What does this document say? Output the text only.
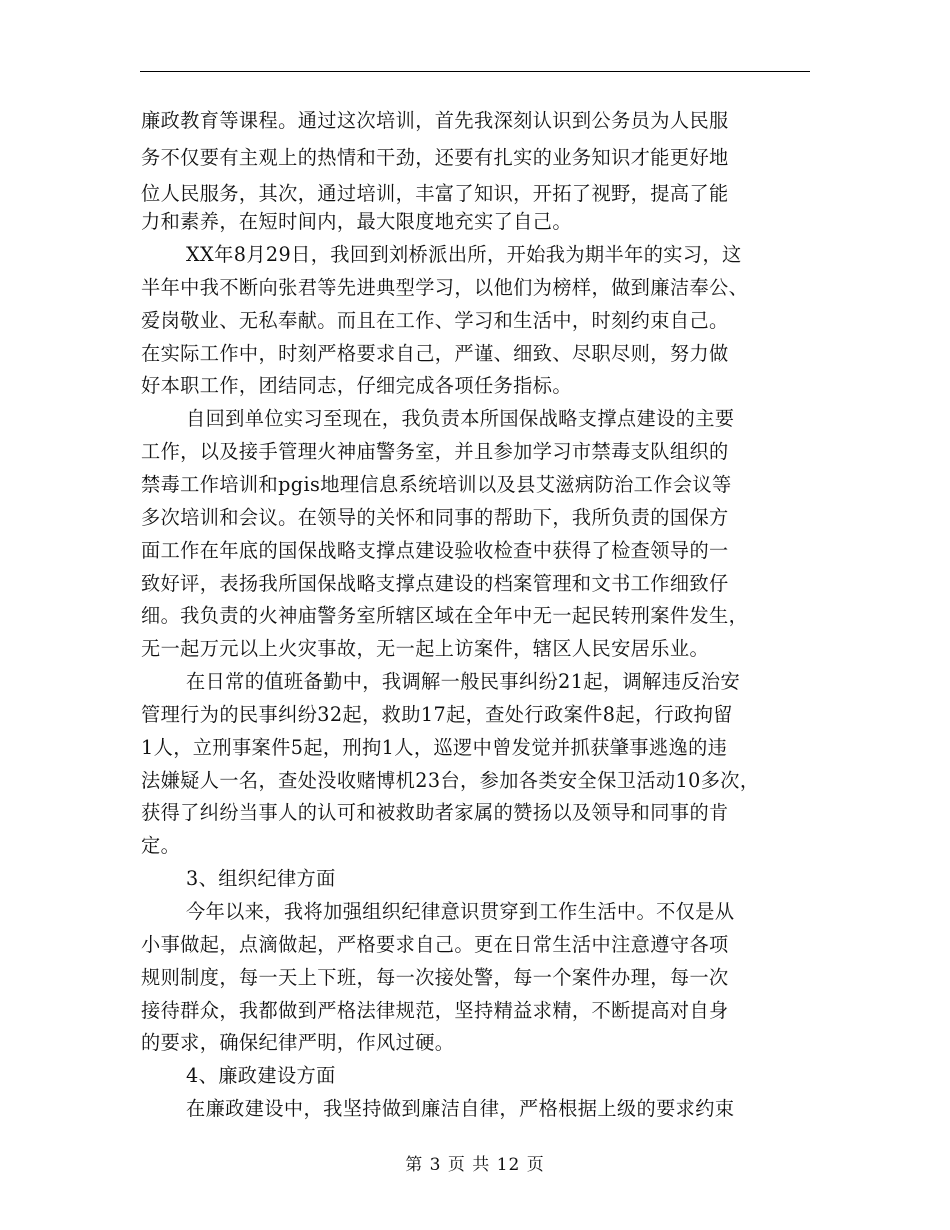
廉政教育等课程。通过这次培训，首先我深刻认识到公务员为人民服
务不仅要有主观上的热情和干劲，还要有扎实的业务知识才能更好地
位人民服务，其次，通过培训，丰富了知识，开拓了视野，提高了能
力和素养，在短时间内，最大限度地充实了自己。
XX年8月29日，我回到刘桥派出所，开始我为期半年的实习，这
半年中我不断向张君等先进典型学习，以他们为榜样，做到廉洁奉公、
爱岗敬业、无私奉献。而且在工作、学习和生活中，时刻约束自己。
在实际工作中，时刻严格要求自己，严谨、细致、尽职尽则，努力做
好本职工作，团结同志，仔细完成各项任务指标。
自回到单位实习至现在，我负责本所国保战略支撑点建设的主要
工作，以及接手管理火神庙警务室，并且参加学习市禁毒支队组织的
禁毒工作培训和pgis地理信息系统培训以及县艾滋病防治工作会议等
多次培训和会议。在领导的关怀和同事的帮助下，我所负责的国保方
面工作在年底的国保战略支撑点建设验收检查中获得了检查领导的一
致好评，表扬我所国保战略支撑点建设的档案管理和文书工作细致仔
细。我负责的火神庙警务室所辖区域在全年中无一起民转刑案件发生，
无一起万元以上火灾事故，无一起上访案件，辖区人民安居乐业。
在日常的值班备勤中，我调解一般民事纠纷21起，调解违反治安
管理行为的民事纠纷32起，救助17起，查处行政案件8起，行政拘留
1人，立刑事案件5起，刑拘1人，巡逻中曾发觉并抓获肇事逃逸的违
法嫌疑人一名，查处没收赌博机23台，参加各类安全保卫活动10多次，
获得了纠纷当事人的认可和被救助者家属的赞扬以及领导和同事的肯
定。
3、组织纪律方面
今年以来，我将加强组织纪律意识贯穿到工作生活中。不仅是从
小事做起，点滴做起，严格要求自己。更在日常生活中注意遵守各项
规则制度，每一天上下班，每一次接处警，每一个案件办理，每一次
接待群众，我都做到严格法律规范，坚持精益求精，不断提高对自身
的要求，确保纪律严明，作风过硬。
4、廉政建设方面
在廉政建设中，我坚持做到廉洁自律，严格根据上级的要求约束
第 3 页 共 12 页
